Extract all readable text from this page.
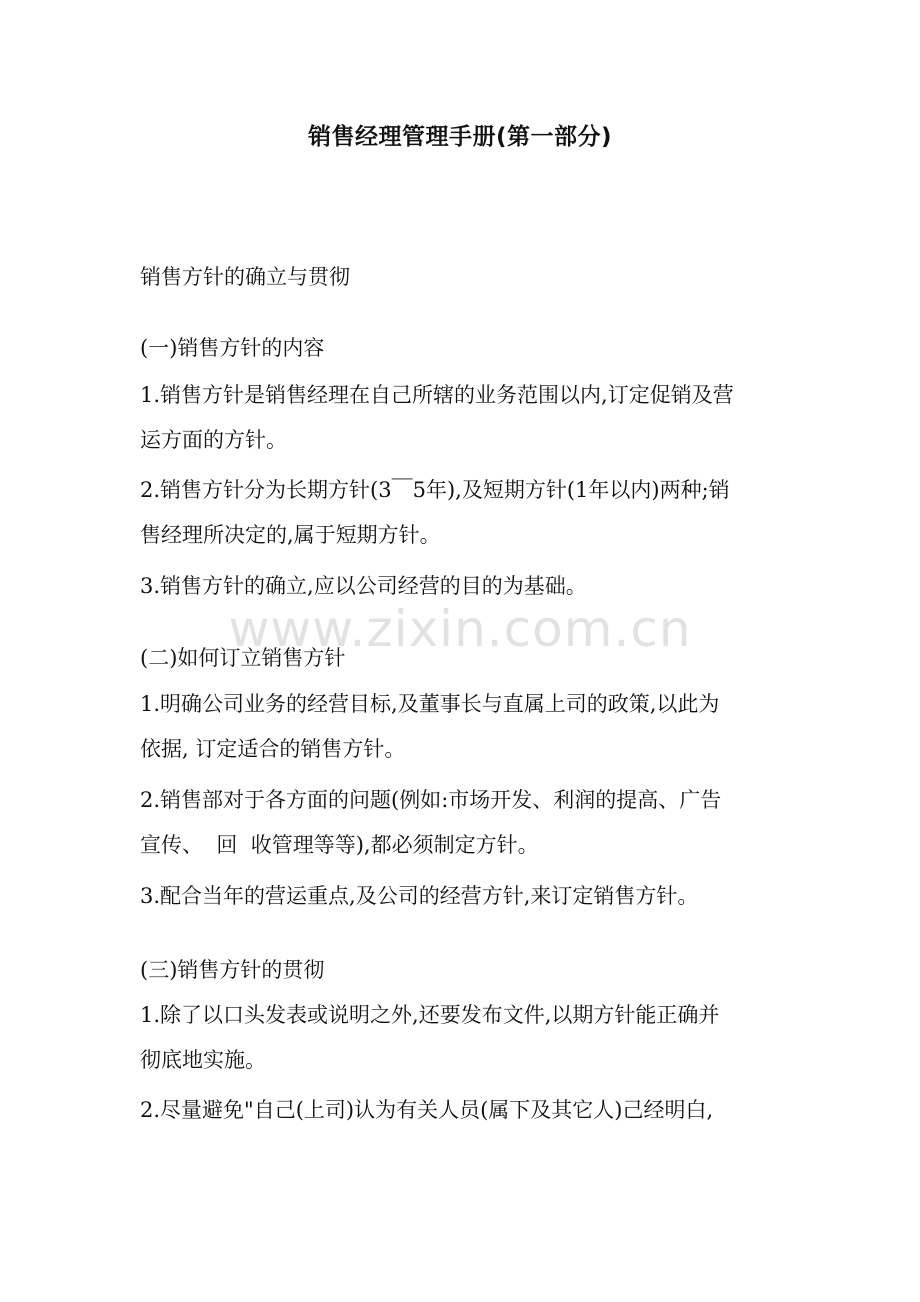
销售经理管理手册(第一部分)
销售方针的确立与贯彻
(一)销售方针的内容
1.销售方针是销售经理在自己所辖的业务范围以内,订定促销及营
运方面的方针。
2.销售方针分为长期方针(3￣5年),及短期方针(1年以内)两种;销
售经理所决定的,属于短期方针。
3.销售方针的确立,应以公司经营的目的为基础。
(二)如何订立销售方针
1.明确公司业务的经营目标,及董事长与直属上司的政策,以此为
依据, 订定适合的销售方针。
2.销售部对于各方面的问题(例如:市场开发、利润的提高、广告
宣传、  回  收管理等等),都必须制定方针。
3.配合当年的营运重点,及公司的经营方针,来订定销售方针。
(三)销售方针的贯彻
1.除了以口头发表或说明之外,还要发布文件,以期方针能正确并
彻底地实施。
2.尽量避免"自己(上司)认为有关人员(属下及其它人)己经明白,
www.zixin.com.cn
